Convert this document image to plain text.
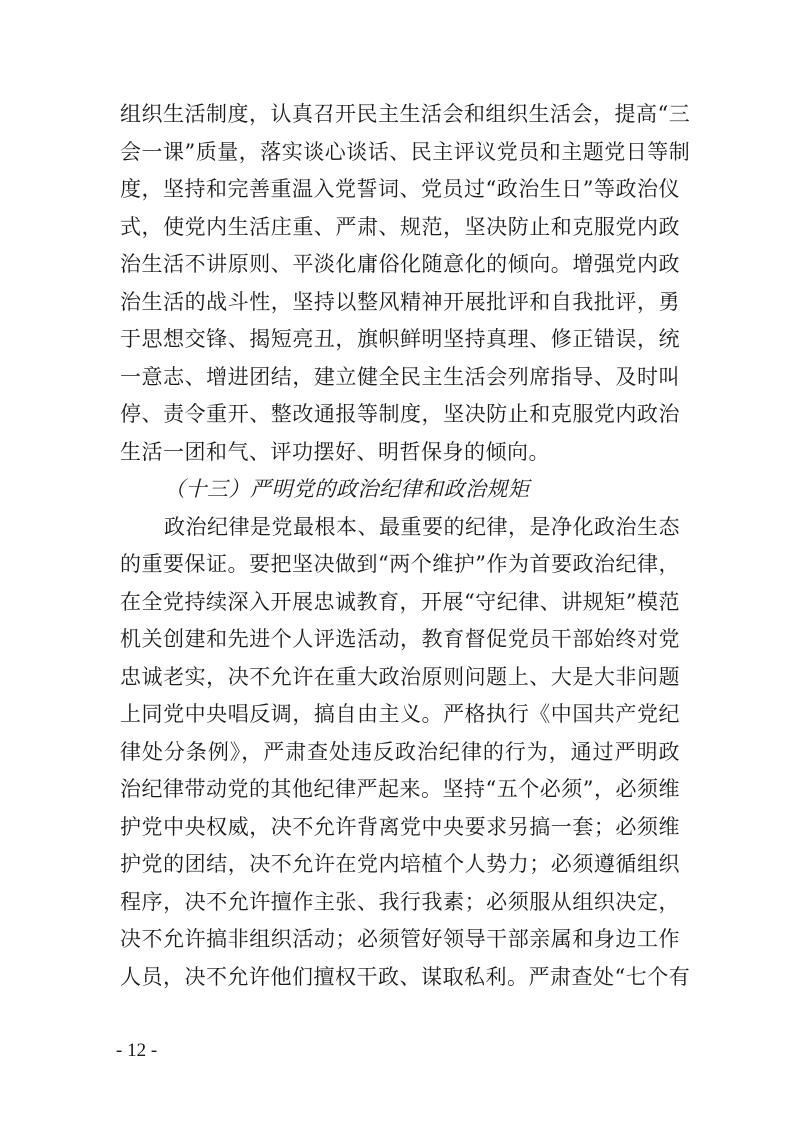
组织生活制度，认真召开民主生活会和组织生活会，提高“三
会一课”质量，落实谈心谈话、民主评议党员和主题党日等制
度，坚持和完善重温入党誓词、党员过“政治生日”等政治仪
式，使党内生活庄重、严肃、规范，坚决防止和克服党内政
治生活不讲原则、平淡化庸俗化随意化的倾向。增强党内政
治生活的战斗性，坚持以整风精神开展批评和自我批评，勇
于思想交锋、揭短亮丑，旗帜鲜明坚持真理、修正错误，统
一意志、增进团结，建立健全民主生活会列席指导、及时叫
停、责令重开、整改通报等制度，坚决防止和克服党内政治
生活一团和气、评功摆好、明哲保身的倾向。
（十三）严明党的政治纪律和政治规矩
政治纪律是党最根本、最重要的纪律，是净化政治生态
的重要保证。要把坚决做到“两个维护”作为首要政治纪律，
在全党持续深入开展忠诚教育，开展“守纪律、讲规矩”模范
机关创建和先进个人评选活动，教育督促党员干部始终对党
忠诚老实，决不允许在重大政治原则问题上、大是大非问题
上同党中央唱反调，搞自由主义。严格执行《中国共产党纪
律处分条例》，严肃查处违反政治纪律的行为，通过严明政
治纪律带动党的其他纪律严起来。坚持“五个必须”，必须维
护党中央权威，决不允许背离党中央要求另搞一套；必须维
护党的团结，决不允许在党内培植个人势力；必须遵循组织
程序，决不允许擅作主张、我行我素；必须服从组织决定，
决不允许搞非组织活动；必须管好领导干部亲属和身边工作
人员，决不允许他们擅权干政、谋取私利。严肃查处“七个有
- 12 -
